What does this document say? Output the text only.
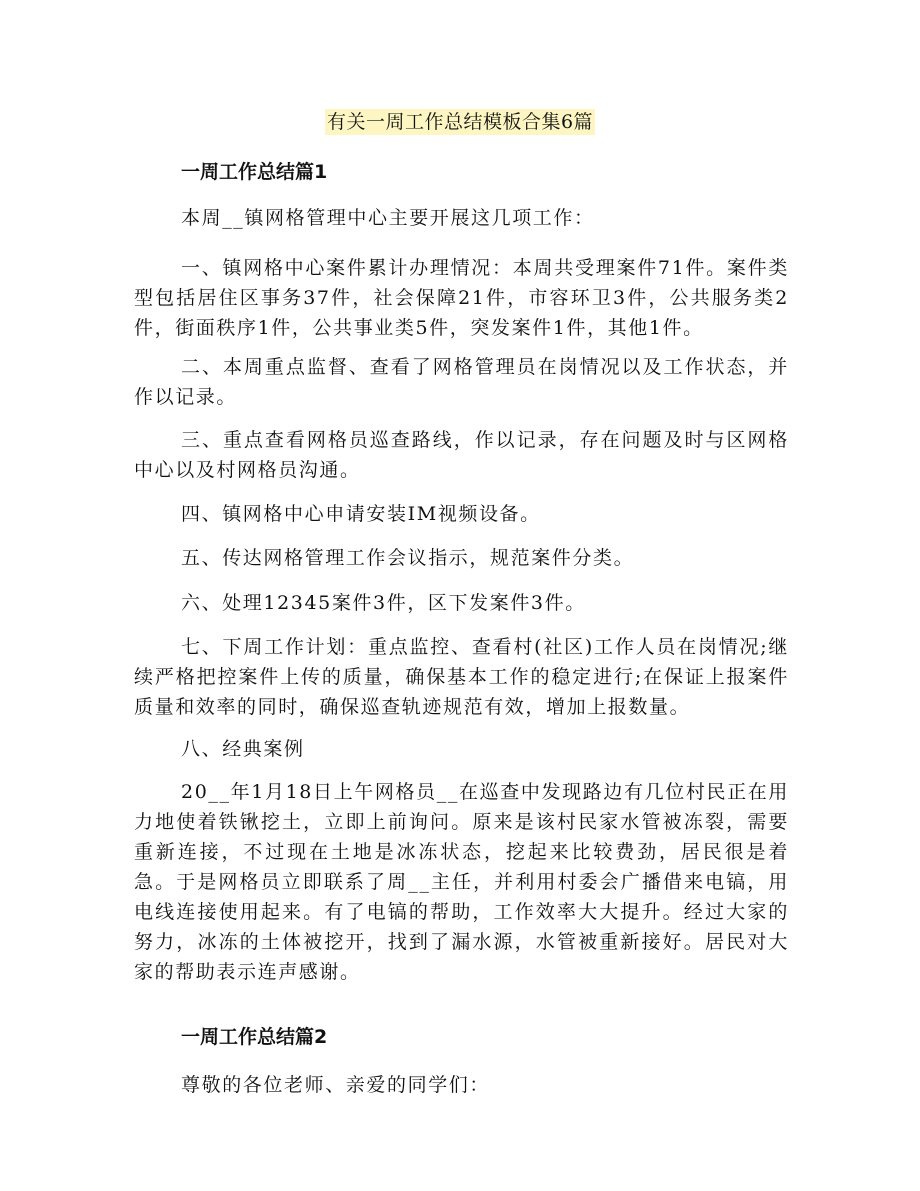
有关一周工作总结模板合集6篇
一周工作总结篇1
本周__镇网格管理中心主要开展这几项工作：
一、镇网格中心案件累计办理情况：本周共受理案件71件。案件类型包括居住区事务37件，社会保障21件，市容环卫3件，公共服务类2件，街面秩序1件，公共事业类5件，突发案件1件，其他1件。
二、本周重点监督、查看了网格管理员在岗情况以及工作状态，并作以记录。
三、重点查看网格员巡查路线，作以记录，存在问题及时与区网格中心以及村网格员沟通。
四、镇网格中心申请安装IM视频设备。
五、传达网格管理工作会议指示，规范案件分类。
六、处理12345案件3件，区下发案件3件。
七、下周工作计划：重点监控、查看村(社区)工作人员在岗情况;继续严格把控案件上传的质量，确保基本工作的稳定进行;在保证上报案件质量和效率的同时，确保巡查轨迹规范有效，增加上报数量。
八、经典案例
20__年1月18日上午网格员__在巡查中发现路边有几位村民正在用力地使着铁锹挖土，立即上前询问。原来是该村民家水管被冻裂，需要重新连接，不过现在土地是冰冻状态，挖起来比较费劲，居民很是着急。于是网格员立即联系了周__主任，并利用村委会广播借来电镐，用电线连接使用起来。有了电镐的帮助，工作效率大大提升。经过大家的努力，冰冻的土体被挖开，找到了漏水源，水管被重新接好。居民对大家的帮助表示连声感谢。
一周工作总结篇2
尊敬的各位老师、亲爱的同学们：
